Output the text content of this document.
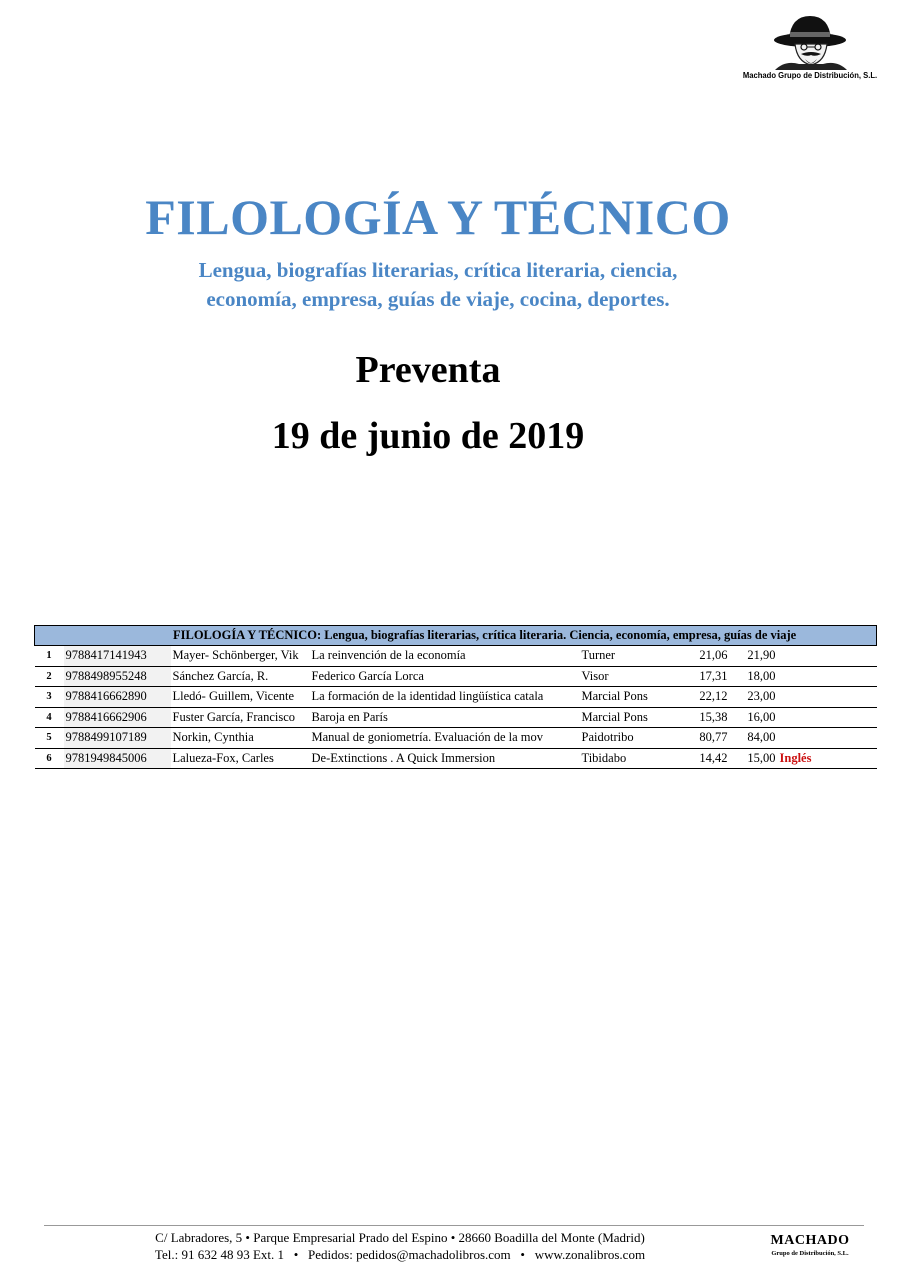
Machado Grupo de Distribución, S.L.
FILOLOGÍA Y TÉCNICO
Lengua, biografías literarias, crítica literaria, ciencia,
economía, empresa, guías de viaje, cocina, deportes.
Preventa
19 de junio de 2019
FILOLOGÍA Y TÉCNICO: Lengua, biografías literarias, crítica literaria. Ciencia, economía, empresa, guías de viaje							
1	9788417141943	Mayer- Schönberger, Vik	La reinvención de la economía	Turner	21,06	21,90	
2	9788498955248	Sánchez García, R.	Federico García Lorca	Visor	17,31	18,00	
3	9788416662890	Lledó- Guillem, Vicente	La formación de la identidad lingüística catala	Marcial Pons	22,12	23,00	
4	9788416662906	Fuster García, Francisco	Baroja en París	Marcial Pons	15,38	16,00	
5	9788499107189	Norkin, Cynthia	Manual de goniometría. Evaluación de la mov	Paidotribo	80,77	84,00	
6	9781949845006	Lalueza-Fox, Carles	De-Extinctions . A Quick Immersion	Tibidabo	14,42	15,00	Inglés
C/ Labradores, 5 • Parque Empresarial Prado del Espino • 28660 Boadilla del Monte (Madrid)
Tel.: 91 632 48 93 Ext. 1   •   Pedidos: pedidos@machadolibros.com   •   www.zonalibros.com
MACHADO
Grupo de Distribución, S.L.
